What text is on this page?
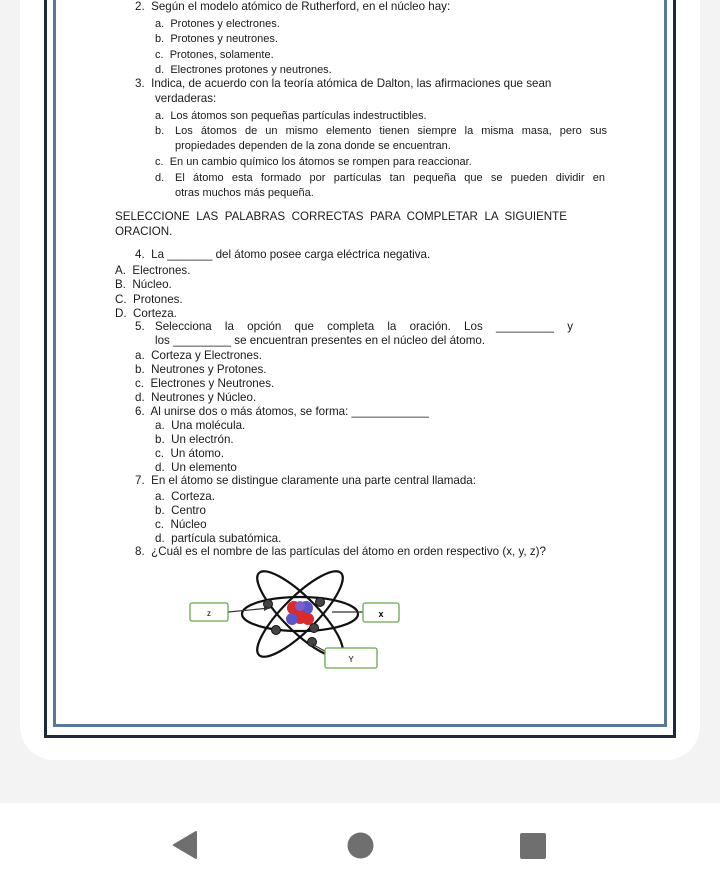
2. Según el modelo atómico de Rutherford, en el núcleo hay:
a. Protones y electrones.
b. Protones y neutrones.
c. Protones, solamente.
d. Electrones protones y neutrones.
3. Indica, de acuerdo con la teoría atómica de Dalton, las afirmaciones que sean
verdaderas:
a. Los átomos son pequeñas partículas indestructibles.
b. Los átomos de un mismo elemento tienen siempre la misma masa, pero sus
propiedades dependen de la zona donde se encuentran.
c. En un cambio químico los átomos se rompen para reaccionar.
d. El átomo esta formado por partículas tan pequeña que se pueden dividir en
otras muchos más pequeña.
SELECCIONE LAS PALABRAS CORRECTAS PARA COMPLETAR LA SIGUIENTE
ORACION.
4. La _______ del átomo posee carga eléctrica negativa.
A. Electrones.
B. Núcleo.
C. Protones.
D. Corteza.
5. Selecciona la opción que completa la oración. Los _________ y
los _________ se encuentran presentes en el núcleo del átomo.
a. Corteza y Electrones.
b. Neutrones y Protones.
c. Electrones y Neutrones.
d. Neutrones y Núcleo.
6. Al unirse dos o más átomos, se forma: ____________
a. Una molécula.
b. Un electrón.
c. Un átomo.
d. Un elemento
7. En el átomo se distingue claramente una parte central llamada:
a. Corteza.
b. Centro
c. Núcleo
d. partícula subatómica.
8. ¿Cuál es el nombre de las partículas del átomo en orden respectivo (x, y, z)?
z	x
Y
